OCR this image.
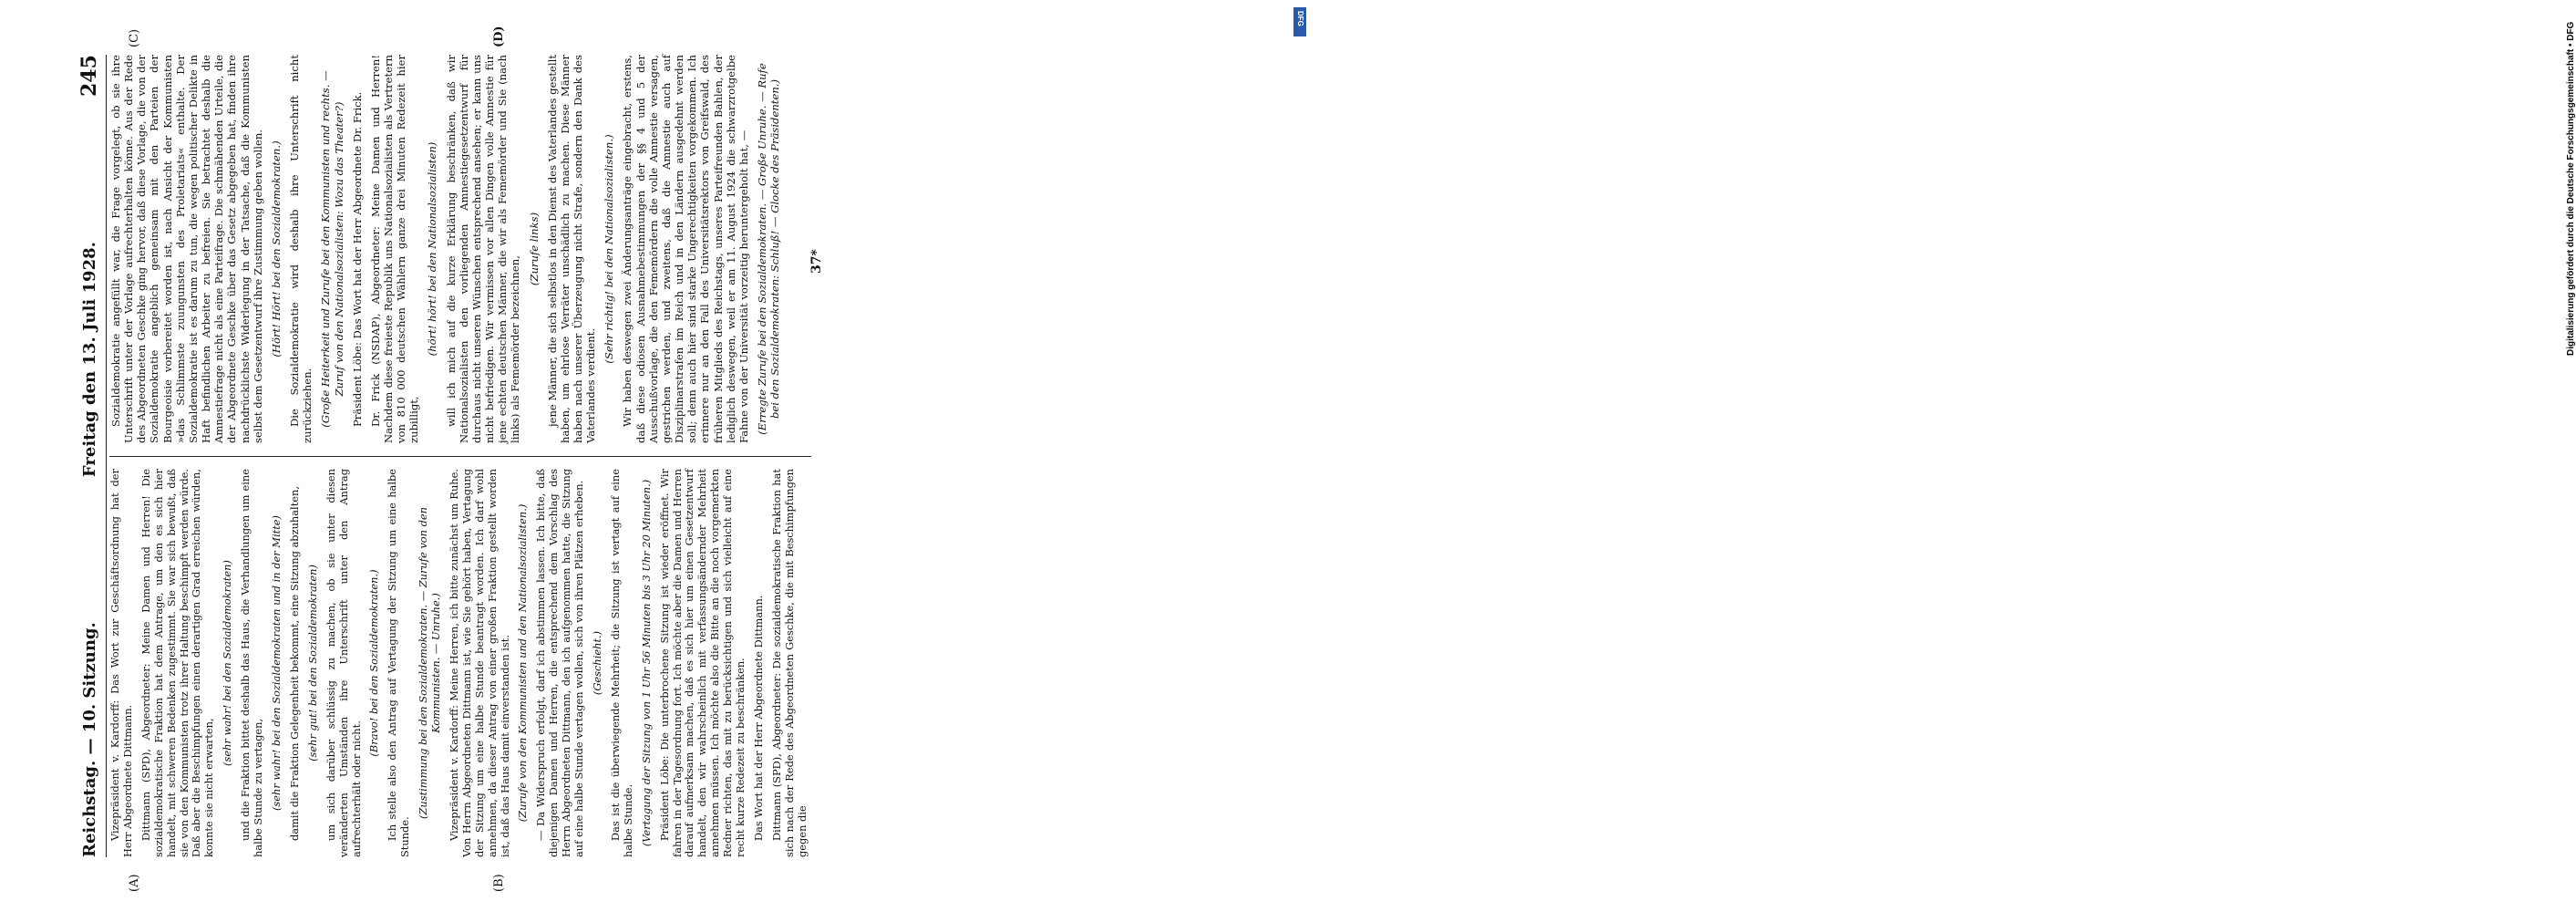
Reichstag. — 10. Sitzung.
Freitag den 13. Juli 1928.
245
(A)	(B)
(C)	(D)

Vizepräsident v. Kardorff: Das Wort zur Geschäftsordnung hat der Herr Abgeordnete Dittmann. Dittmann (SPD), Abgeordneter: Meine Damen und Herren! Die sozialdemokratische Fraktion hat dem Antrage, um den es sich hier handelt, mit schweren Bedenken zugestimmt. Sie war sich bewußt, daß sie von den Kommunisten trotz ihrer Haltung beschimpft werden würde. Daß aber die Beschimpfungen einen derartigen Grad erreichen würden, konnte sie nicht erwarten,

(sehr wahr! bei den Sozialdemokraten) und die Fraktion bittet deshalb das Haus, die Verhandlungen um eine halbe Stunde zu vertagen, (sehr wahr! bei den Sozialdemokraten und in der Mitte) damit die Fraktion Gelegenheit bekommt, eine Sitzung abzuhalten, (sehr gut! bei den Sozialdemokraten) um sich darüber schlüssig zu machen, ob sie unter diesen veränderten Umständen ihre Unterschrift unter den Antrag aufrechterhält oder nicht.

(Bravo! bei den Sozialdemokraten.) Ich stelle also den Antrag auf Vertagung der Sitzung um eine halbe Stunde.

(Zustimmung bei den Sozialdemokraten. — Zurufe von den Kommunisten. — Unruhe.) Vizepräsident v. Kardorff: Meine Herren, ich bitte zunächst um Ruhe. Von Herrn Abgeordneten Dittmann ist, wie Sie gehört haben, Vertagung der Sitzung um eine halbe Stunde beantragt worden. Ich darf wohl annehmen, da dieser Antrag von einer großen Fraktion gestellt worden ist, daß das Haus damit einverstanden ist. (Zurufe von den Kommunisten und den Nationalsozialisten.) — Da Widerspruch erfolgt, darf ich abstimmen lassen. Ich bitte, daß diejenigen Damen und Herren, die entsprechend dem Vorschlag des Herrn Abgeordneten Dittmann, den ich aufgenommen hatte, die Sitzung auf eine halbe Stunde vertagen wollen, sich von ihren Plätzen erheben. (Geschieht.) Das ist die überwiegende Mehrheit; die Sitzung ist vertagt auf eine halbe Stunde. (Vertagung der Sitzung von 1 Uhr 56 Minuten bis 3 Uhr 20 Minuten.) Präsident Löbe: Die unterbrochene Sitzung ist wieder eröffnet. Wir fahren in der Tagesordnung fort. Ich möchte aber die Damen und Herren darauf aufmerksam machen, daß es sich hier um einen Gesetzentwurf handelt, den wir wahrscheinlich mit verfassungsändernder Mehrheit annehmen müssen. Ich möchte also die Bitte an die noch vorgemerkten Redner richten, das mit zu berücksichtigen und sich vielleicht auf eine recht kurze Redezeit zu beschränken. Das Wort hat der Herr Abgeordnete Dittmann. Dittmann (SPD), Abgeordneter: Die sozialdemokratische Fraktion hat sich nach der Rede des Abgeordneten Geschke, die mit Beschimpfungen gegen die

Sozialdemokratie angefüllt war, die Frage vorgelegt, ob sie ihre Unterschrift unter der Vorlage aufrechterhalten könne. Aus der Rede des Abgeordneten Geschke ging hervor, daß diese Vorlage, die von der Sozialdemokratie angeblich gemeinsam mit den Parteien der Bourgeoisie vorbereitet worden ist, nach Ansicht der Kommunisten »das Schlimmste zuungunsten des Proletariats« enthalte. Der Sozialdemokratie ist es darum zu tun, die wegen politischer Delikte in Haft befindlichen Arbeiter zu befreien. Sie betrachtet deshalb die Amnestiefrage nicht als eine Parteifrage. Die schmähenden Urteile, die der Abgeordnete Geschke über das Gesetz abgegeben hat, finden ihre nachdrücklichste Widerlegung in der Tatsache, daß die Kommunisten selbst dem Gesetzentwurf ihre Zustimmung geben wollen. (Hört! Hört! bei den Sozialdemokraten.) Die Sozialdemokratie wird deshalb ihre Unterschrift nicht zurückziehen. (Große Heiterkeit und Zurufe bei den Kommunisten und rechts. — Zuruf von den Nationalsozialisten: Wozu das Theater?) Präsident Löbe: Das Wort hat der Herr Abgeordnete Dr. Frick. Dr. Frick (NSDAP), Abgeordneter: Meine Damen und Herren! Nachdem diese freieste Republik uns Nationalsozialisten als Vertretern von 810 000 deutschen Wählern ganze drei Minuten Redezeit hier zubilligt,

(hört! hört! bei den Nationalsozialisten) will ich mich auf die kurze Erklärung beschränken, daß wir Nationalsozialisten den vorliegenden Amnestiegesetzentwurf für durchaus nicht unseren Wünschen entsprechend ansehen; er kann uns nicht befriedigen. Wir vermissen vor allen Dingen volle Amnestie für jene echten deutschen Männer, die wir als Fememörder und Sie (nach links) als Fememörder bezeichnen,

(Zurufe links) jene Männer, die sich selbstlos in den Dienst des Vaterlandes gestellt haben, um ehrlose Verräter unschädlich zu machen. Diese Männer haben nach unserer Überzeugung nicht Strafe, sondern den Dank des Vaterlandes verdient.

(Sehr richtig! bei den Nationalsozialisten.) Wir haben deswegen zwei Änderungsanträge eingebracht, erstens, daß diese odiosen Ausnahmebestimmungen der §§ 4 und 5 der Ausschußvorlage, die den Fememördern die volle Amnestie versagen, gestrichen werden, und zweitens, daß die Amnestie auch auf Disziplinarstrafen im Reich und in den Ländern ausgedehnt werden soll; denn auch hier sind starke Ungerechtigkeiten vorgekommen. Ich erinnere nur an den Fall des Universitätsrektors von Greifswald, des früheren Mitglieds des Reichstags, unseres Parteifreunden Bahlen, der lediglich deswegen, weil er am 11. August 1924 die schwarzrotgelbe Fahne von der Universität vorzeitig heruntergeholt hat, — (Erregte Zurufe bei den Sozialdemokraten. — Große Unruhe. — Rufe bei den Sozialdemokraten: Schluß! — Glocke des Präsidenten.) 37*
DFG
Digitalisierung gefördert durch die Deutsche Forschungsgemeinschaft • DFG
